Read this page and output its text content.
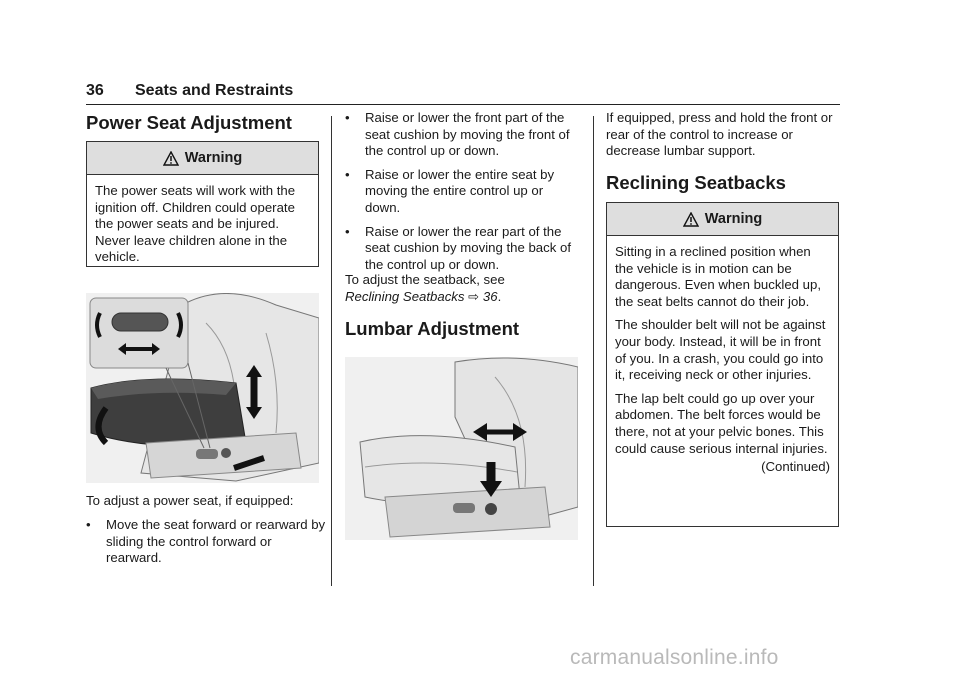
36 Seats and Restraints
Power Seat Adjustment
Warning
The power seats will work with the ignition off. Children could operate the power seats and be injured. Never leave children alone in the vehicle.
To adjust a power seat, if equipped:
•	Move the seat forward or rearward by sliding the control forward or rearward.
•	Raise or lower the front part of the seat cushion by moving the front of the control up or down.
•	Raise or lower the entire seat by moving the entire control up or down.
•	Raise or lower the rear part of the seat cushion by moving the back of the control up or down.
To adjust the seatback, see
Reclining Seatbacks ⇨ 36.
Lumbar Adjustment
If equipped, press and hold the front or rear of the control to increase or decrease lumbar support.
Reclining Seatbacks
Warning

Sitting in a reclined position when the vehicle is in motion can be dangerous. Even when buckled up, the seat belts cannot do their job.

The shoulder belt will not be against your body. Instead, it will be in front of you. In a crash, you could go into it, receiving neck or other injuries.

The lap belt could go up over your abdomen. The belt forces would be there, not at your pelvic bones. This could cause serious internal injuries.

(Continued)
carmanualsonline.info
